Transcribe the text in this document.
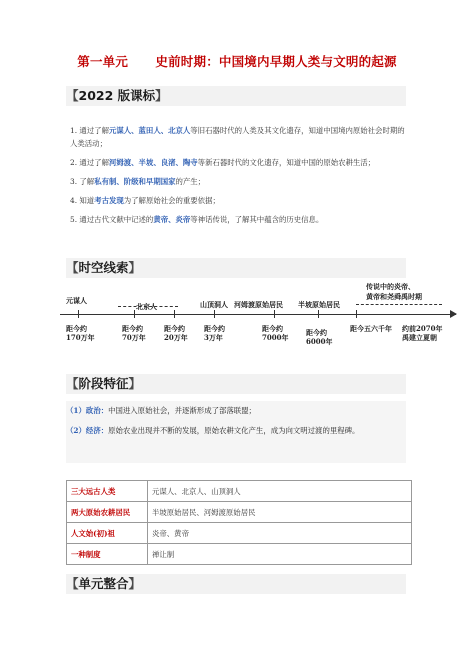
第一单元      史前时期：中国境内早期人类与文明的起源
【2022 版课标】

1. 通过了解元谋人、蓝田人、北京人等旧石器时代的人类及其文化遗存，知道中国境内原始社会时期的人类活动；

2. 通过了解河姆渡、半坡、良渚、陶寺等新石器时代的文化遗存，知道中国的原始农耕生活；

3. 了解私有制、阶级和早期国家的产生；

4. 知道考古发现为了解原始社会的重要依据；

5. 通过古代文献中记述的黄帝、炎帝等神话传说，了解其中蕴含的历史信息。

【时空线索】
元谋人
北京人	山顶洞人 河姆渡原始居民 半坡原始居民
传说中的炎帝、
黄帝和尧舜禹时期
距今约
170万年
距今约
70万年
距今约
20万年
距今约
3万年
距今约
7000年
距今约
6000年
距今五六千年 约前2070年
禹建立夏朝
【阶段特征】
（1）政治：中国进入原始社会，并逐渐形成了部落联盟；
（2）经济：原始农业出现并不断的发展，原始农耕文化产生，成为向文明过渡的里程碑。
三大远古人类	元谋人、北京人、山顶洞人
两大原始农耕居民	半坡原始居民、河姆渡原始居民
人文始(初)祖	炎帝、黄帝
一种制度	禅让制
【单元整合】
